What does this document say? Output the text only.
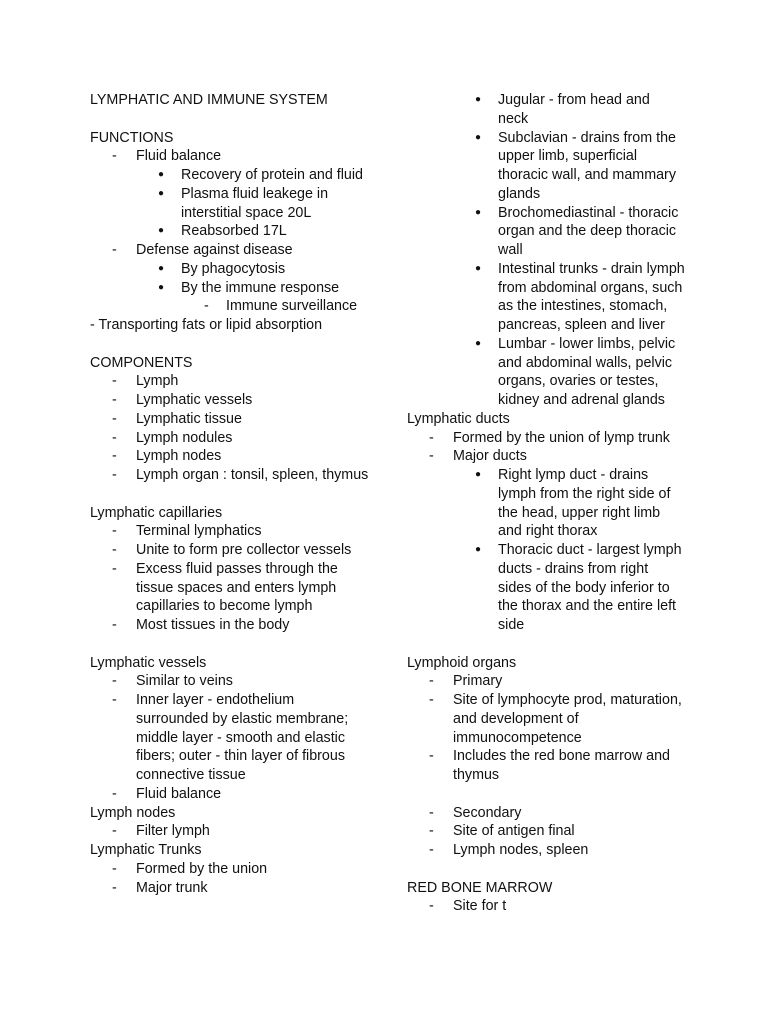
LYMPHATIC AND IMMUNE SYSTEM
FUNCTIONS
- Fluid balance
● Recovery of protein and fluid
● Plasma fluid leakege in
interstitial space 20L
● Reabsorbed 17L
- Defense against disease
● By phagocytosis
● By the immune response
- Immune surveillance
- Transporting fats or lipid absorption
COMPONENTS
- Lymph
- Lymphatic vessels
- Lymphatic tissue
- Lymph nodules
- Lymph nodes
- Lymph organ : tonsil, spleen, thymus
Lymphatic capillaries
- Terminal lymphatics
- Unite to form pre collector vessels
- Excess fluid passes through the
tissue spaces and enters lymph
capillaries to become lymph
- Most tissues in the body
Lymphatic vessels
- Similar to veins
- Inner layer - endothelium
surrounded by elastic membrane;
middle layer - smooth and elastic
fibers; outer - thin layer of fibrous
connective tissue
- Fluid balance
Lymph nodes
- Filter lymph
Lymphatic Trunks
- Formed by the union
- Major trunk
● Jugular - from head and
neck
● Subclavian - drains from the
upper limb, superficial
thoracic wall, and mammary
glands
● Brochomediastinal - thoracic
organ and the deep thoracic
wall
● Intestinal trunks - drain lymph
from abdominal organs, such
as the intestines, stomach,
pancreas, spleen and liver
● Lumbar - lower limbs, pelvic
and abdominal walls, pelvic
organs, ovaries or testes,
kidney and adrenal glands
Lymphatic ducts
- Formed by the union of lymp trunk
- Major ducts
● Right lymp duct - drains
lymph from the right side of
the head, upper right limb
and right thorax
● Thoracic duct - largest lymph
ducts - drains from right
sides of the body inferior to
the thorax and the entire left
side
Lymphoid organs
- Primary
- Site of lymphocyte prod, maturation,
and development of
immunocompetence
- Includes the red bone marrow and
thymus
- Secondary
- Site of antigen final
- Lymph nodes, spleen
RED BONE MARROW
- Site for t
